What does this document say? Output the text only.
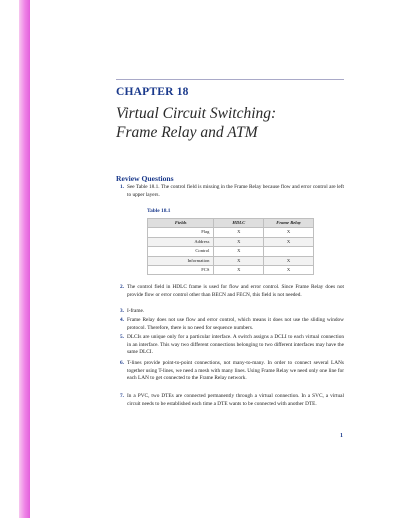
CHAPTER 18
Virtual Circuit Switching:
Frame Relay and ATM
Review Questions
1. See Table 18.1. The control field is missing in the Frame Relay because flow and error control are left to upper layers.
Table 18.1
Fields	HDLC	Frame Relay
Flag	X	X
Address	X	X
Control	X	
Information	X	X
FCS	X	X
2. The control field in HDLC frame is used for flow and error control. Since Frame Relay does not provide flow or error control other than BECN and FECN, this field is not needed.
3. I-frame.
4. Frame Relay does not use flow and error control, which means it does not use the sliding window protocol. Therefore, there is no need for sequence numbers.
5. DLCIs are unique only for a particular interface. A switch assigns a DCLI to each virtual connection in an interface. This way two different connections belonging to two different interfaces may have the same DLCI.
6. T-lines provide point-to-point connections, not many-to-many. In order to connect several LANs together using T-lines, we need a mesh with many lines. Using Frame Relay we need only one line for each LAN to get connected to the Frame Relay network.
7. In a PVC, two DTEs are connected permanently through a virtual connection. In a SVC, a virtual circuit needs to be established each time a DTE wants to be connected with another DTE.
1
